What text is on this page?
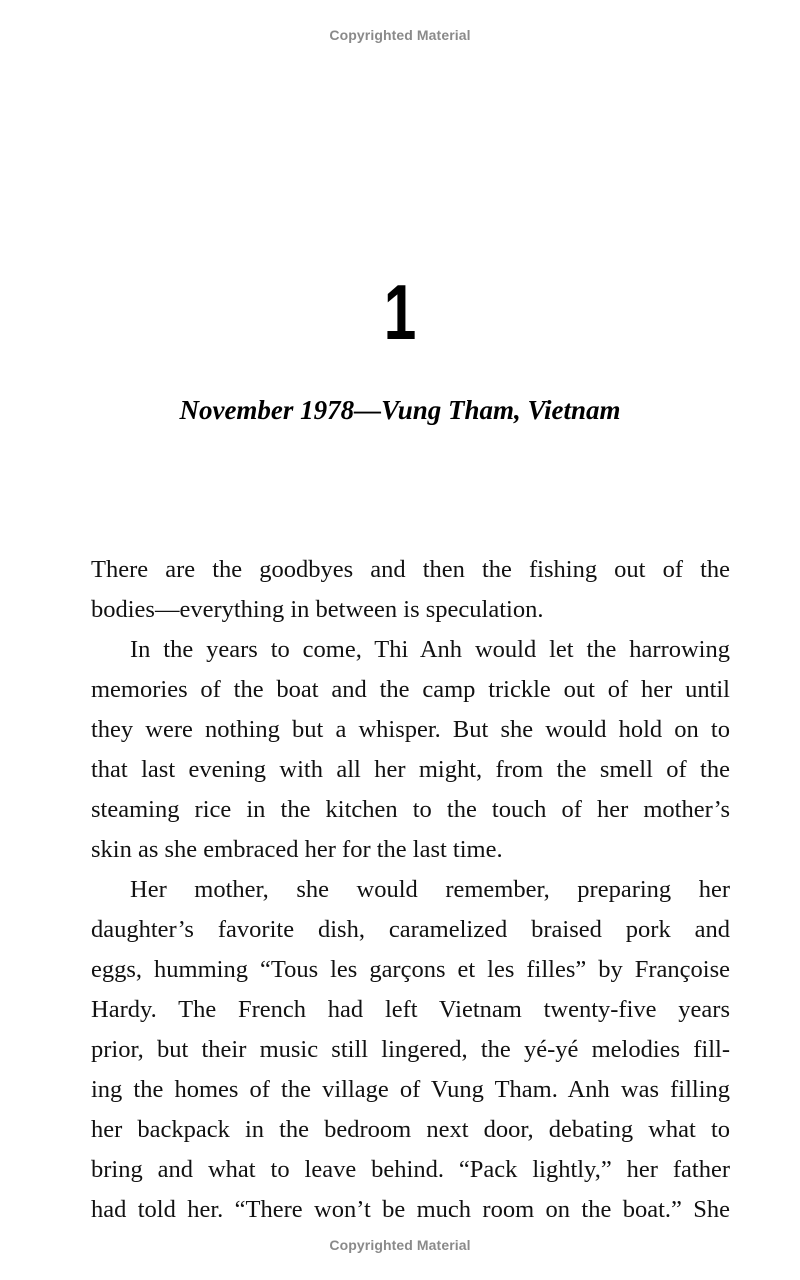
Copyrighted Material
1
November 1978—Vung Tham, Vietnam
There are the goodbyes and then the fishing out of the
bodies—everything in between is speculation.
In the years to come, Thi Anh would let the harrowing
memories of the boat and the camp trickle out of her until
they were nothing but a whisper. But she would hold on to
that last evening with all her might, from the smell of the
steaming rice in the kitchen to the touch of her mother’s
skin as she embraced her for the last time.
Her mother, she would remember, preparing her
daughter’s favorite dish, caramelized braised pork and
eggs, humming “Tous les garçons et les filles” by Françoise
Hardy. The French had left Vietnam twenty-five years
prior, but their music still lingered, the yé-yé melodies fill-
ing the homes of the village of Vung Tham. Anh was filling
her backpack in the bedroom next door, debating what to
bring and what to leave behind. “Pack lightly,” her father
had told her. “There won’t be much room on the boat.” She
Copyrighted Material
